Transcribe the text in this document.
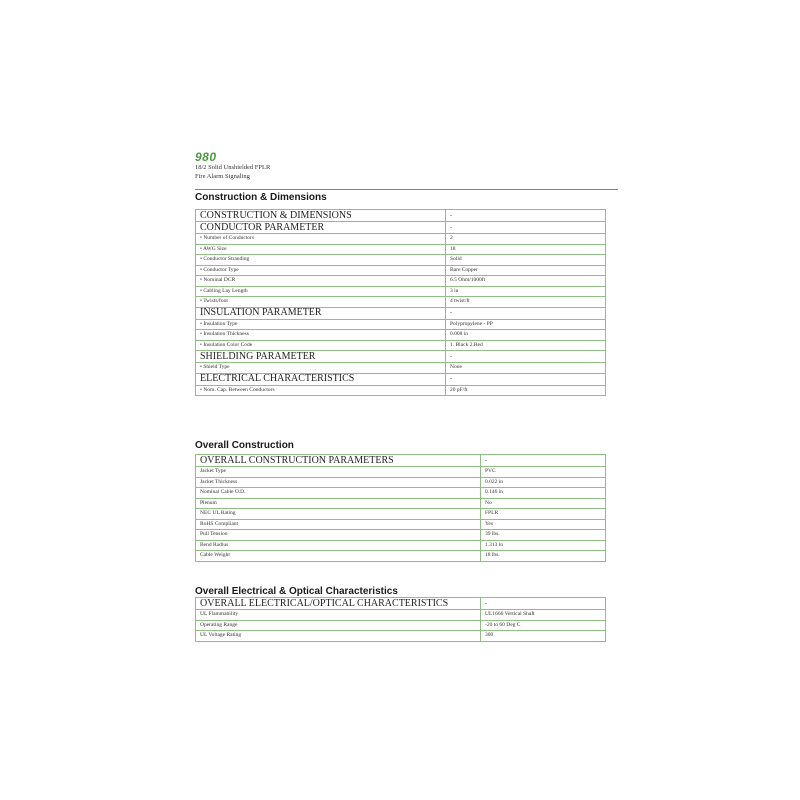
980
18/2 Solid Unshielded FPLR
Fire Alarm Signaling
Construction & Dimensions
CONSTRUCTION & DIMENSIONS	-
CONDUCTOR PARAMETER	-
• Number of Conductors	2
• AWG Size	18
• Conductor Stranding	Solid
• Conductor Type	Bare Copper
• Nominal DCR	6.5 Ohm/1000ft
• Cabling Lay Length	3 in
• Twists/foot	4 twist/ft
INSULATION PARAMETER	-
• Insulation Type	Polypropylene - PP
• Insulation Thickness	0.008 in
• Insulation Color Code	1. Black 2.Red
SHIELDING PARAMETER	-
• Shield Type	None
ELECTRICAL CHARACTERISTICS	-
• Nom. Cap. Between Conductors	20 pF/ft
Overall Construction
OVERALL CONSTRUCTION PARAMETERS	-
Jacket Type	PVC
Jacket Thickness	0.022 in
Nominal Cable O.D.	0.146 in
Plenum	No
NEC UL Rating	FPLR
RoHS Compliant	Yes
Pull Tension	39 lbs.
Bend Radius	1.313 in
Cable Weight	18 lbs.
Overall Electrical & Optical Characteristics
OVERALL ELECTRICAL/OPTICAL CHARACTERISTICS	-
UL Flammability	UL1666 Vertical Shaft
Operating Range	-20 to 60 Deg C
UL Voltage Rating	300
